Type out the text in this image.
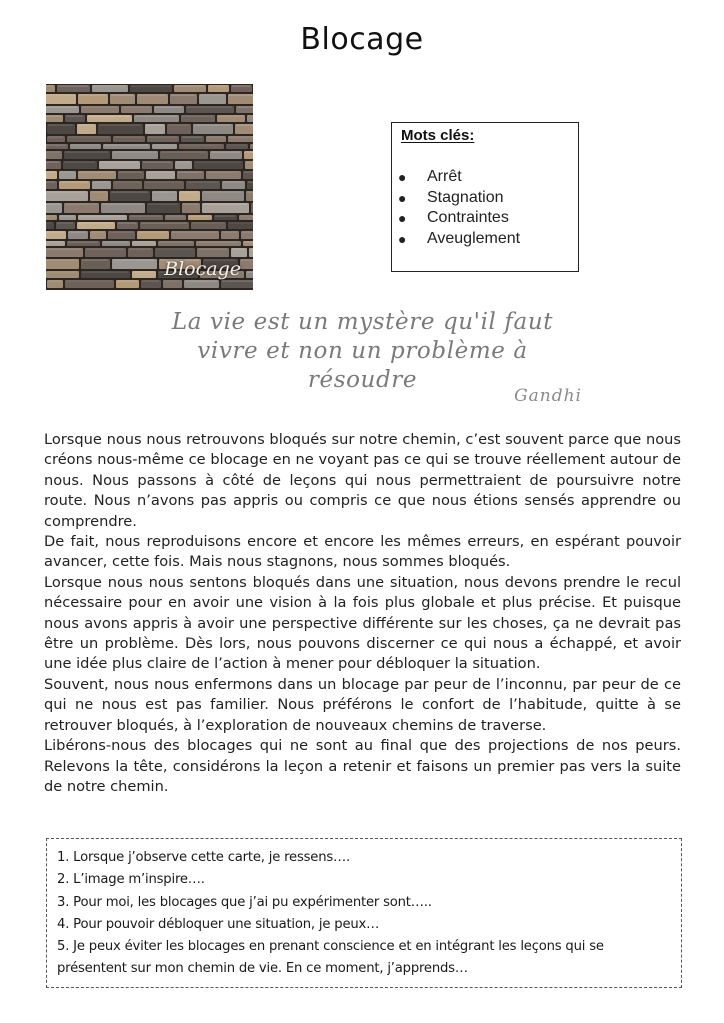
Blocage
Blocage
Mots clés:
● Arrêt
● Stagnation
● Contraintes
● Aveuglement
La vie est un mystère qu'il faut
vivre et non un problème à résoudre
Gandhi

Lorsque nous nous retrouvons bloqués sur notre chemin, c’est souvent parce que nous créons nous-même ce blocage en ne voyant pas ce qui se trouve réellement autour de nous. Nous passons à côté de leçons qui nous permettraient de poursuivre notre route. Nous n’avons pas appris ou compris ce que nous étions sensés apprendre ou comprendre.

De fait, nous reproduisons encore et encore les mêmes erreurs, en espérant pouvoir avancer, cette fois. Mais nous stagnons, nous sommes bloqués.

Lorsque nous nous sentons bloqués dans une situation, nous devons prendre le recul nécessaire pour en avoir une vision à la fois plus globale et plus précise. Et puisque nous avons appris à avoir une perspective différente sur les choses, ça ne devrait pas être un problème. Dès lors, nous pouvons discerner ce qui nous a échappé, et avoir une idée plus claire de l’action à mener pour débloquer la situation.

Souvent, nous nous enfermons dans un blocage par peur de l’inconnu, par peur de ce qui ne nous est pas familier. Nous préférons le confort de l’habitude, quitte à se retrouver bloqués, à l’exploration de nouveaux chemins de traverse.

Libérons-nous des blocages qui ne sont au final que des projections de nos peurs. Relevons la tête, considérons la leçon a retenir et faisons un premier pas vers la suite de notre chemin.

1. Lorsque j’observe cette carte, je ressens….
2. L’image m’inspire….
3. Pour moi, les blocages que j’ai pu expérimenter sont…..
4. Pour pouvoir débloquer une situation, je peux…
5. Je peux éviter les blocages en prenant conscience et en intégrant les leçons qui se
présentent sur mon chemin de vie. En ce moment, j’apprends…
